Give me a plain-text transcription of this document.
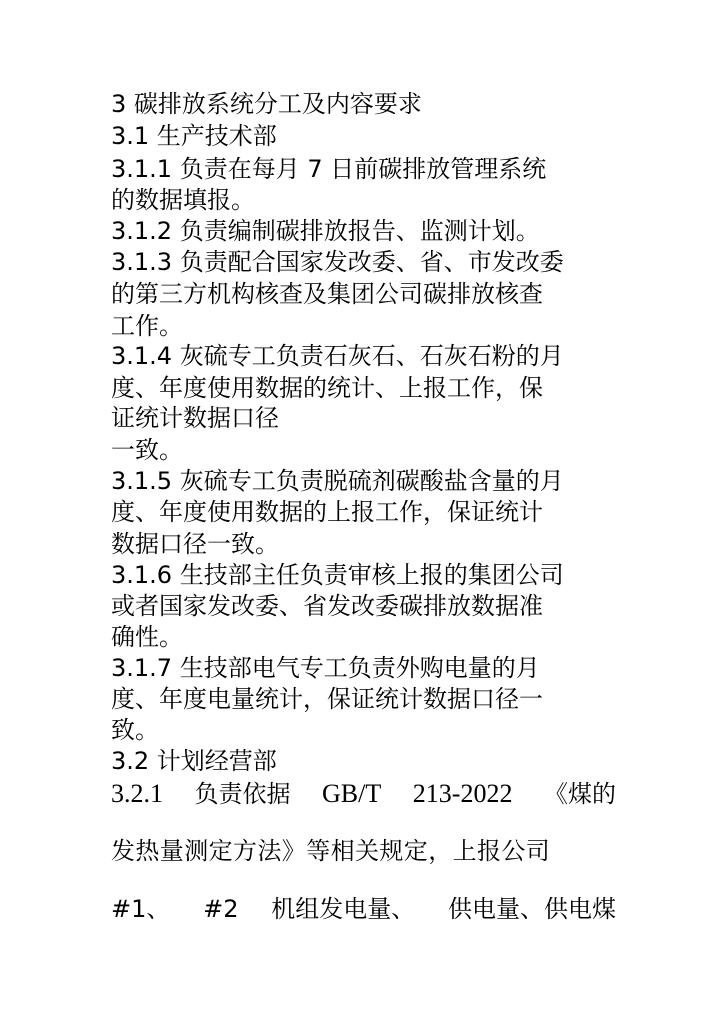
3 碳排放系统分工及内容要求
3.1 生产技术部
3.1.1 负责在每月 7 日前碳排放管理系统
的数据填报。
3.1.2 负责编制碳排放报告、监测计划。
3.1.3 负责配合国家发改委、省、市发改委
的第三方机构核查及集团公司碳排放核查
工作。
3.1.4 灰硫专工负责石灰石、石灰石粉的月
度、年度使用数据的统计、上报工作，保
证统计数据口径
一致。
3.1.5 灰硫专工负责脱硫剂碳酸盐含量的月
度、年度使用数据的上报工作，保证统计
数据口径一致。
3.1.6 生技部主任负责审核上报的集团公司
或者国家发改委、省发改委碳排放数据准
确性。
3.1.7 生技部电气专工负责外购电量的月
度、年度电量统计，保证统计数据口径一
致。
3.2 计划经营部
3.2.1 负责依据 GB/T 213-2022 《煤的
发热量测定方法》等相关规定，上报公司
#1、 #2 机组发电量、 供电量、供电煤
